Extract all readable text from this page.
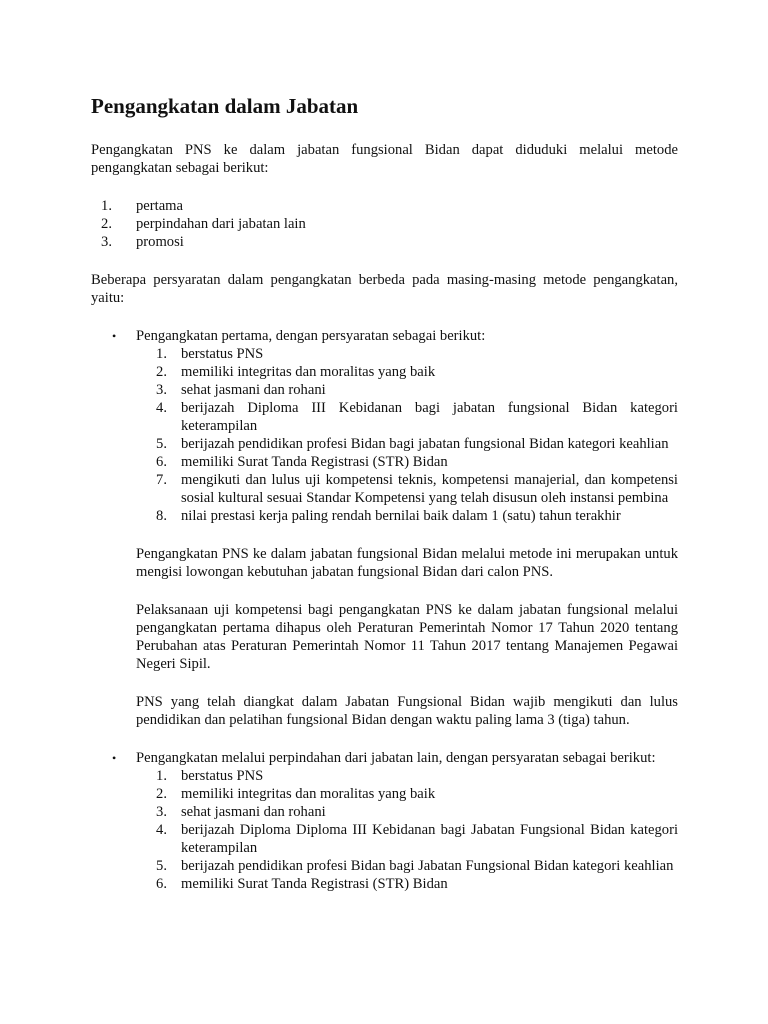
Pengangkatan dalam Jabatan

Pengangkatan PNS ke dalam jabatan fungsional Bidan dapat diduduki melalui metode pengangkatan sebagai berikut:

1. pertama
2. perpindahan dari jabatan lain
3. promosi

Beberapa persyaratan dalam pengangkatan berbeda pada masing-masing metode pengangkatan, yaitu:

• Pengangkatan pertama, dengan persyaratan sebagai berikut:
1. berstatus PNS
2. memiliki integritas dan moralitas yang baik
3. sehat jasmani dan rohani
4. berijazah Diploma III Kebidanan bagi jabatan fungsional Bidan kategori keterampilan
5. berijazah pendidikan profesi Bidan bagi jabatan fungsional Bidan kategori keahlian
6. memiliki Surat Tanda Registrasi (STR) Bidan
7. mengikuti dan lulus uji kompetensi teknis, kompetensi manajerial, dan kompetensi sosial kultural sesuai Standar Kompetensi yang telah disusun oleh instansi pembina
8. nilai prestasi kerja paling rendah bernilai baik dalam 1 (satu) tahun terakhir

Pengangkatan PNS ke dalam jabatan fungsional Bidan melalui metode ini merupakan untuk mengisi lowongan kebutuhan jabatan fungsional Bidan dari calon PNS.

Pelaksanaan uji kompetensi bagi pengangkatan PNS ke dalam jabatan fungsional melalui pengangkatan pertama dihapus oleh Peraturan Pemerintah Nomor 17 Tahun 2020 tentang Perubahan atas Peraturan Pemerintah Nomor 11 Tahun 2017 tentang Manajemen Pegawai Negeri Sipil.

PNS yang telah diangkat dalam Jabatan Fungsional Bidan wajib mengikuti dan lulus pendidikan dan pelatihan fungsional Bidan dengan waktu paling lama 3 (tiga) tahun.

• Pengangkatan melalui perpindahan dari jabatan lain, dengan persyaratan sebagai berikut:
1. berstatus PNS
2. memiliki integritas dan moralitas yang baik
3. sehat jasmani dan rohani
4. berijazah Diploma Diploma III Kebidanan bagi Jabatan Fungsional Bidan kategori keterampilan
5. berijazah pendidikan profesi Bidan bagi Jabatan Fungsional Bidan kategori keahlian
6. memiliki Surat Tanda Registrasi (STR) Bidan
